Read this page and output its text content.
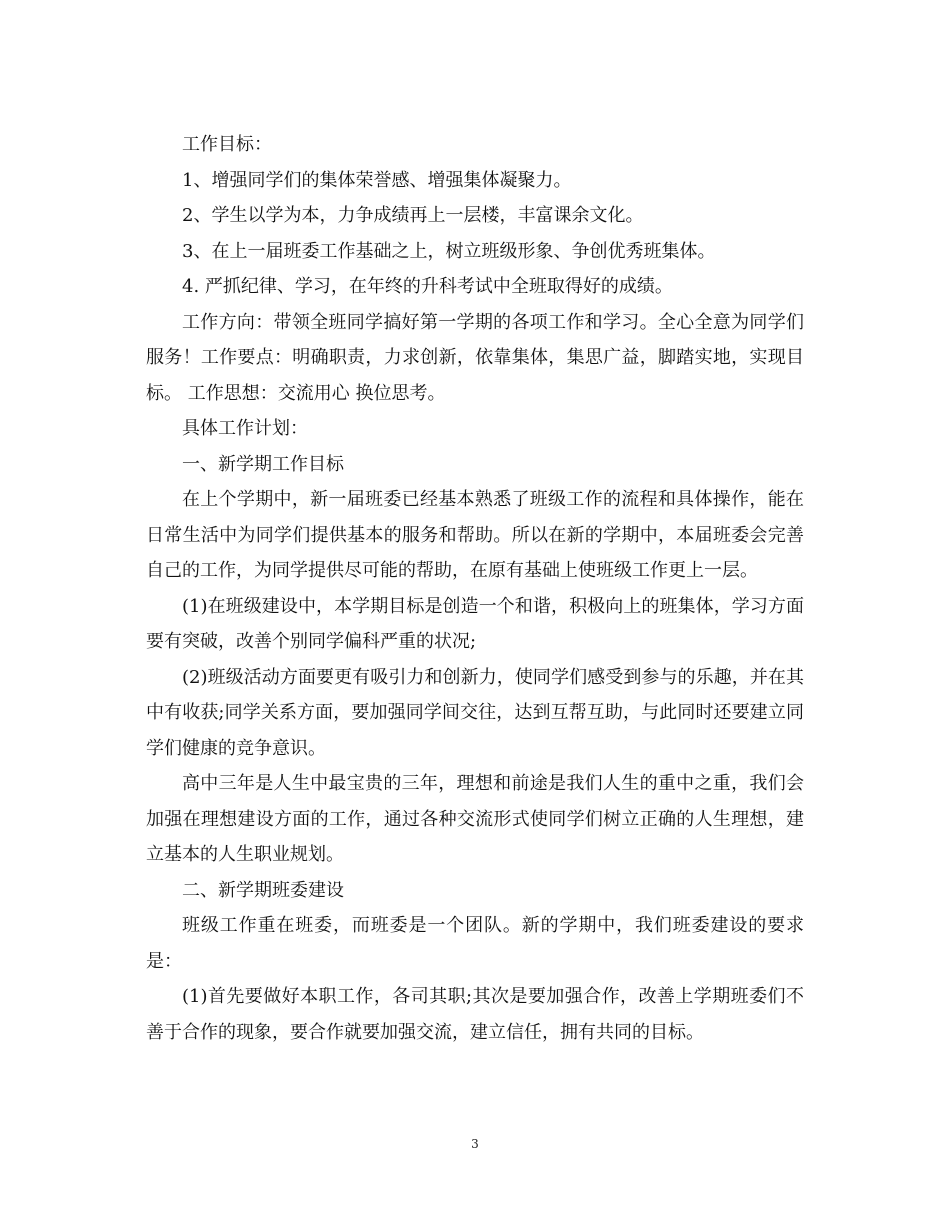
工作目标：

1、增强同学们的集体荣誉感、增强集体凝聚力。

2、学生以学为本，力争成绩再上一层楼，丰富课余文化。

3、在上一届班委工作基础之上，树立班级形象、争创优秀班集体。

4. 严抓纪律、学习，在年终的升科考试中全班取得好的成绩。

工作方向：带领全班同学搞好第一学期的各项工作和学习。全心全意为同学们服务！工作要点：明确职责，力求创新，依靠集体，集思广益，脚踏实地，实现目标。 工作思想：交流用心 换位思考。

具体工作计划：

一、新学期工作目标

在上个学期中，新一届班委已经基本熟悉了班级工作的流程和具体操作，能在日常生活中为同学们提供基本的服务和帮助。所以在新的学期中，本届班委会完善自己的工作，为同学提供尽可能的帮助，在原有基础上使班级工作更上一层。

(1)在班级建设中，本学期目标是创造一个和谐，积极向上的班集体，学习方面要有突破，改善个别同学偏科严重的状况;

(2)班级活动方面要更有吸引力和创新力，使同学们感受到参与的乐趣，并在其中有收获;同学关系方面，要加强同学间交往，达到互帮互助，与此同时还要建立同学们健康的竞争意识。

高中三年是人生中最宝贵的三年，理想和前途是我们人生的重中之重，我们会加强在理想建设方面的工作，通过各种交流形式使同学们树立正确的人生理想，建立基本的人生职业规划。

二、新学期班委建设

班级工作重在班委，而班委是一个团队。新的学期中，我们班委建设的要求是：

(1)首先要做好本职工作，各司其职;其次是要加强合作，改善上学期班委们不善于合作的现象，要合作就要加强交流，建立信任，拥有共同的目标。

3
